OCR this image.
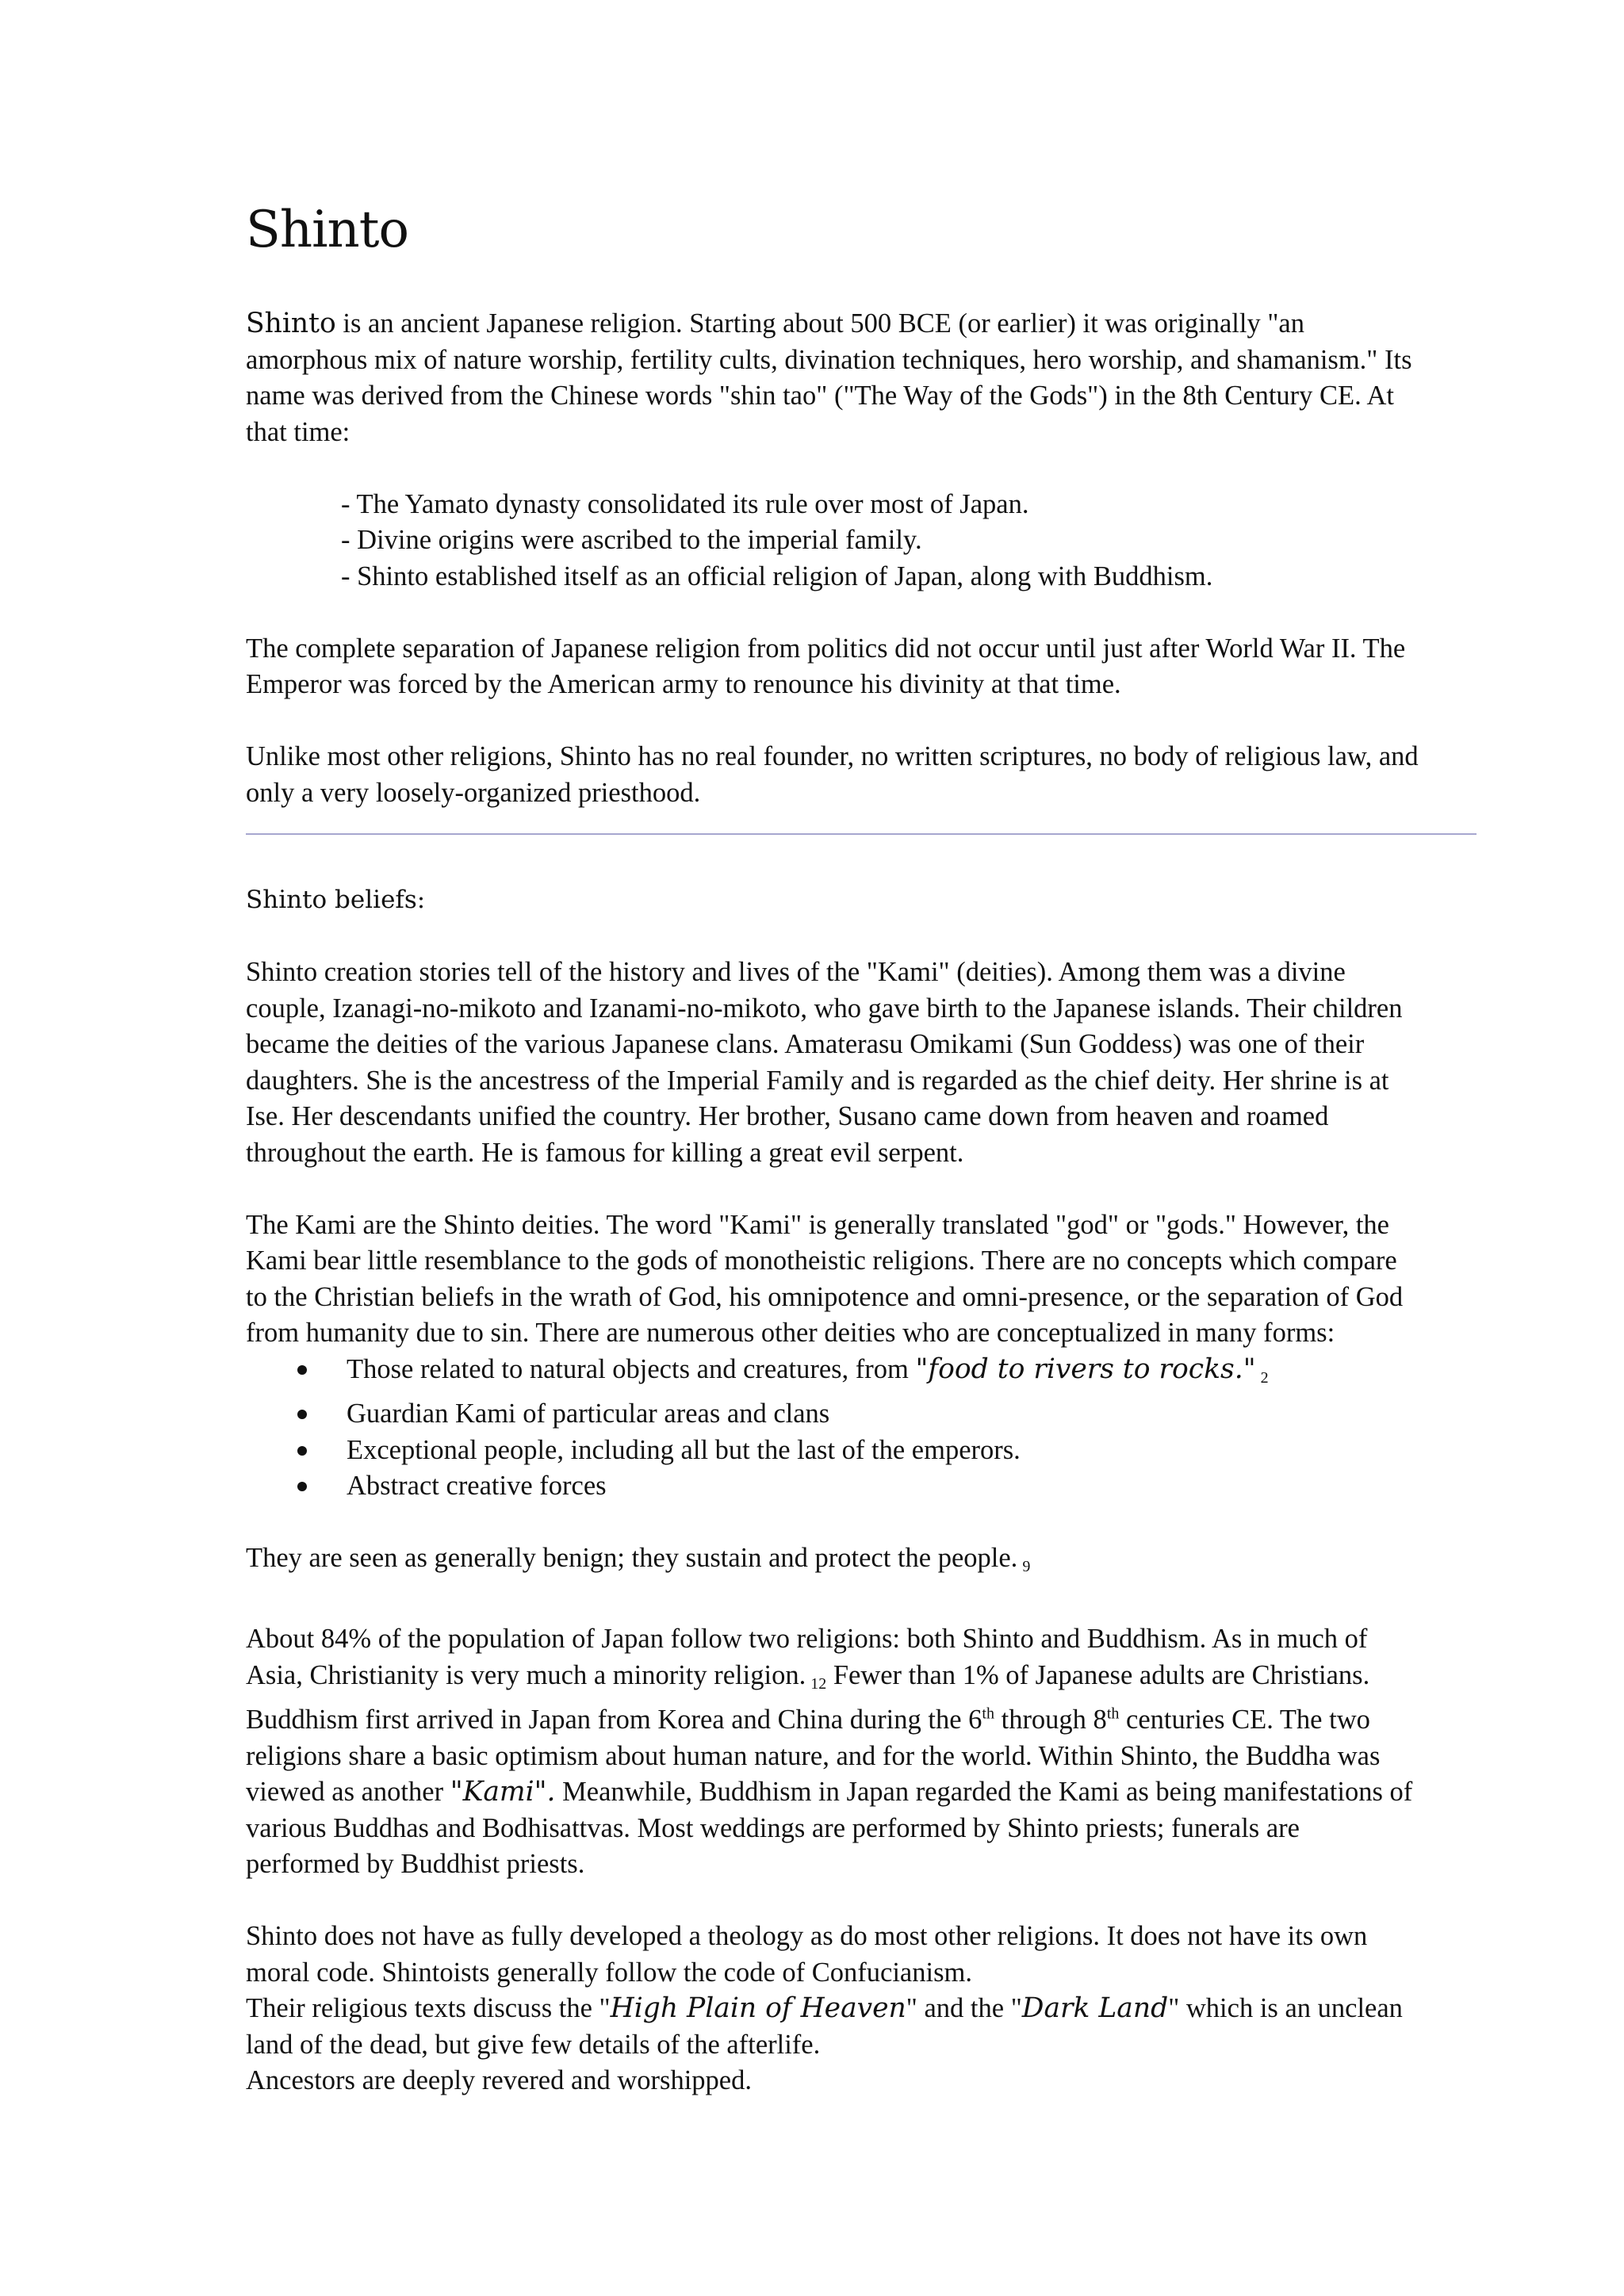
Shinto

Shinto is an ancient Japanese religion. Starting about 500 BCE (or earlier) it was originally "an amorphous mix of nature worship, fertility cults, divination techniques, hero worship, and shamanism." Its name was derived from the Chinese words "shin tao" ("The Way of the Gods") in the 8th Century CE. At that time:

- The Yamato dynasty consolidated its rule over most of Japan.
- Divine origins were ascribed to the imperial family.
- Shinto established itself as an official religion of Japan, along with Buddhism.

The complete separation of Japanese religion from politics did not occur until just after World War II. The Emperor was forced by the American army to renounce his divinity at that time.

Unlike most other religions, Shinto has no real founder, no written scriptures, no body of religious law, and only a very loosely-organized priesthood.

Shinto beliefs:

Shinto creation stories tell of the history and lives of the "Kami" (deities). Among them was a divine couple, Izanagi-no-mikoto and Izanami-no-mikoto, who gave birth to the Japanese islands. Their children became the deities of the various Japanese clans. Amaterasu Omikami (Sun Goddess) was one of their daughters. She is the ancestress of the Imperial Family and is regarded as the chief deity. Her shrine is at Ise. Her descendants unified the country. Her brother, Susano came down from heaven and roamed throughout the earth. He is famous for killing a great evil serpent.

The Kami are the Shinto deities. The word "Kami" is generally translated "god" or "gods." However, the Kami bear little resemblance to the gods of monotheistic religions. There are no concepts which compare to the Christian beliefs in the wrath of God, his omnipotence and omni-presence, or the separation of God from humanity due to sin. There are numerous other deities who are conceptualized in many forms:

Those related to natural objects and creatures, from "food to rivers to rocks." $_2$
Guardian Kami of particular areas and clans
Exceptional people, including all but the last of the emperors.
Abstract creative forces

They are seen as generally benign; they sustain and protect the people. $_9$

About 84% of the population of Japan follow two religions: both Shinto and Buddhism. As in much of Asia, Christianity is very much a minority religion. $_{12}$ Fewer than 1% of Japanese adults are Christians. Buddhism first arrived in Japan from Korea and China during the 6th through 8th centuries CE. The two religions share a basic optimism about human nature, and for the world. Within Shinto, the Buddha was viewed as another "Kami". Meanwhile, Buddhism in Japan regarded the Kami as being manifestations of various Buddhas and Bodhisattvas. Most weddings are performed by Shinto priests; funerals are performed by Buddhist priests.

Shinto does not have as fully developed a theology as do most other religions. It does not have its own moral code. Shintoists generally follow the code of Confucianism.
Their religious texts discuss the "High Plain of Heaven" and the "Dark Land" which is an unclean land of the dead, but give few details of the afterlife.
Ancestors are deeply revered and worshipped.
